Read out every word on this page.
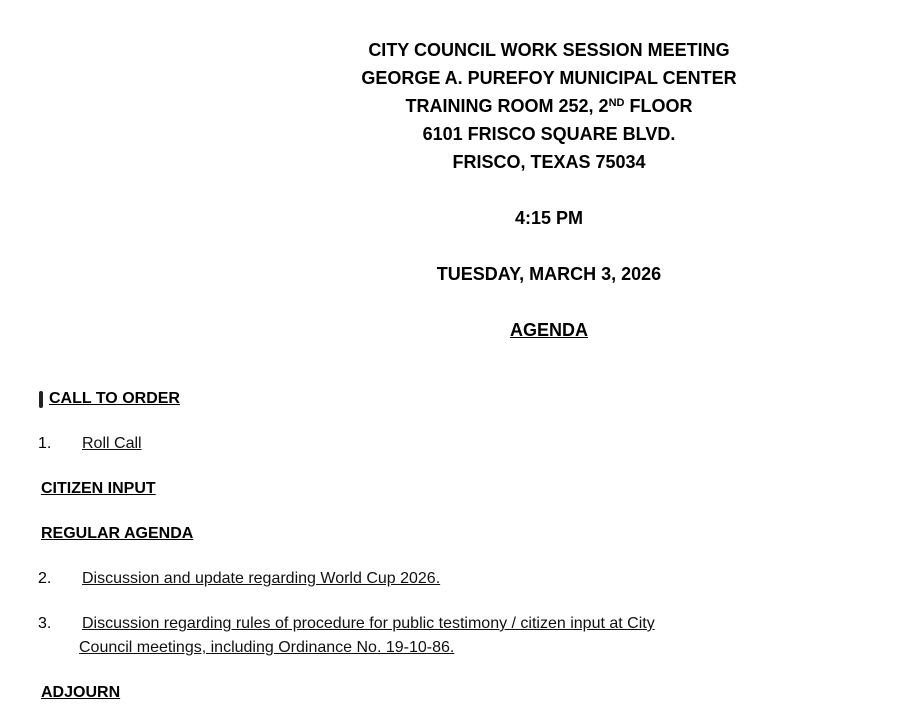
CITY COUNCIL WORK SESSION MEETING
GEORGE A. PUREFOY MUNICIPAL CENTER
TRAINING ROOM 252, 2ND FLOOR
6101 FRISCO SQUARE BLVD.
FRISCO, TEXAS 75034
4:15 PM
TUESDAY, MARCH 3, 2026
AGENDA
CALL TO ORDER
1. Roll Call
CITIZEN INPUT
REGULAR AGENDA
2. Discussion and update regarding World Cup 2026.
3. Discussion regarding rules of procedure for public testimony / citizen input at City
Council meetings, including Ordinance No. 19-10-86.
ADJOURN
